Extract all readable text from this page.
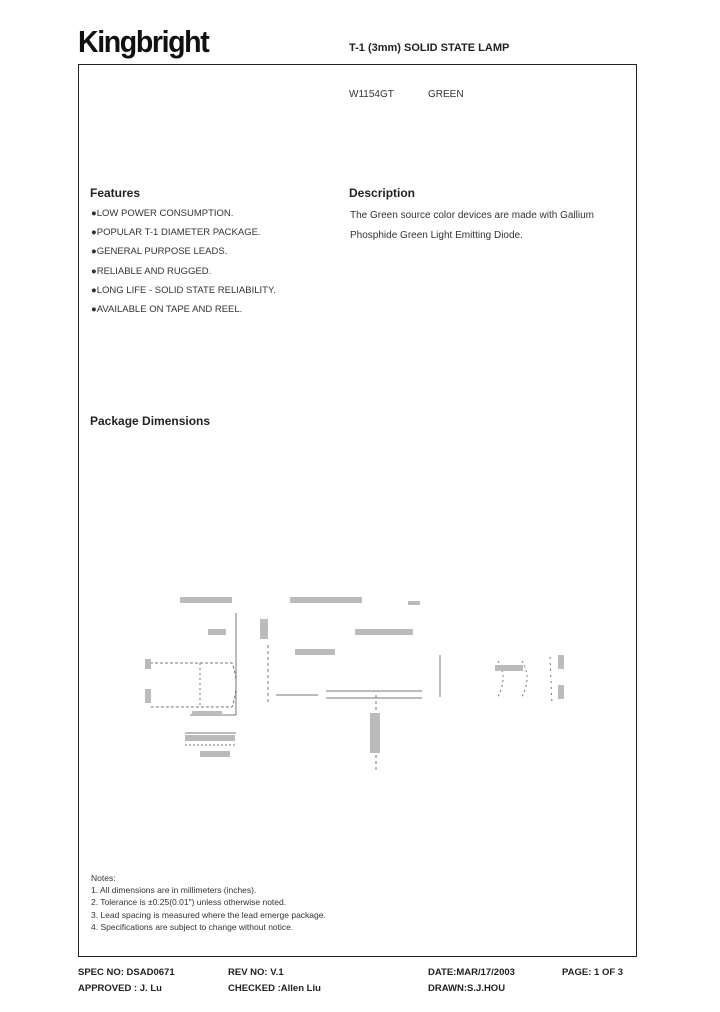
Kingbright	T-1 (3mm) SOLID STATE LAMP
W1154GT	GREEN
Features
●LOW POWER CONSUMPTION.
●POPULAR T-1 DIAMETER PACKAGE.
●GENERAL PURPOSE LEADS.
●RELIABLE AND RUGGED.
●LONG LIFE - SOLID STATE RELIABILITY.
●AVAILABLE ON TAPE AND REEL.
Description
The Green source color devices are made with Gallium
Phosphide Green Light Emitting Diode.
Package Dimensions
Notes:
1. All dimensions are in millimeters (inches).
2. Tolerance is ±0.25(0.01") unless otherwise noted.
3. Lead spacing is measured where the lead emerge package.
4. Specifications are subject to change without notice.
SPEC NO: DSAD0671	REV NO: V.1	DATE:MAR/17/2003	PAGE: 1 OF 3
APPROVED : J. Lu	CHECKED :Allen Liu	DRAWN:S.J.HOU
